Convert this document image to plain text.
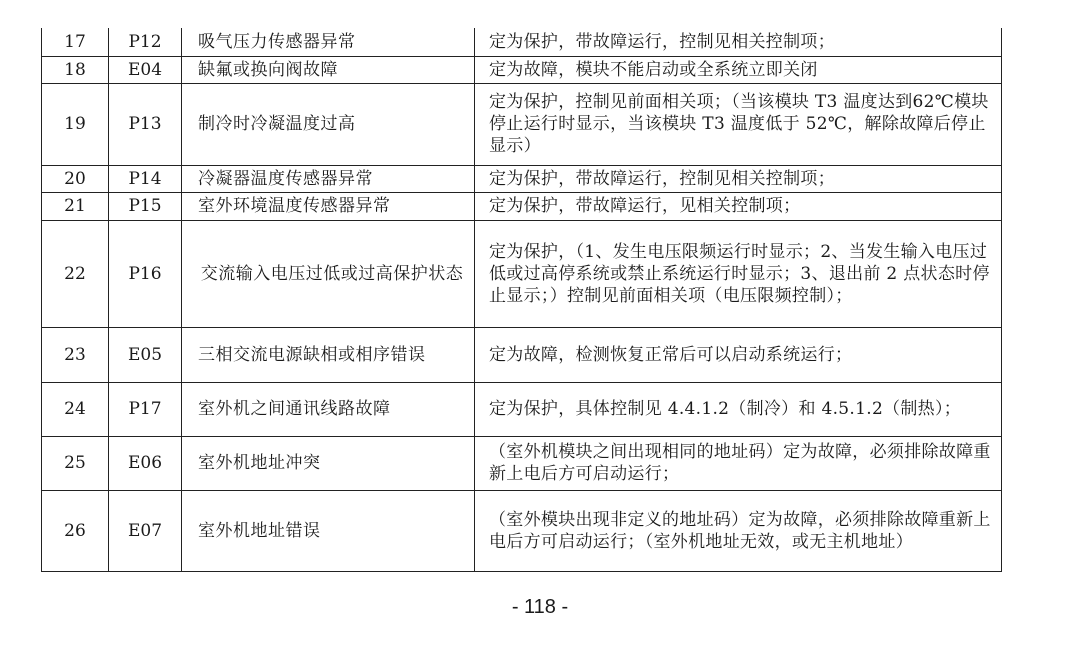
17	P12	吸气压力传感器异常	定为保护，带故障运行，控制见相关控制项；
18	E04	缺氟或换向阀故障	定为故障，模块不能启动或全系统立即关闭
19	P13	制冷时冷凝温度过高	定为保护，控制见前面相关项；（当该模块 T3 温度达到62℃模块停止运行时显示，当该模块 T3 温度低于 52℃，解除故障后停止显示）
20	P14	冷凝器温度传感器异常	定为保护，带故障运行，控制见相关控制项；
21	P15	室外环境温度传感器异常	定为保护，带故障运行，见相关控制项；
22	P16	交流输入电压过低或过高保护状态	定为保护，（1、发生电压限频运行时显示；2、当发生输入电压过低或过高停系统或禁止系统运行时显示；3、退出前 2 点状态时停止显示；）控制见前面相关项（电压限频控制）；
23	E05	三相交流电源缺相或相序错误	定为故障，检测恢复正常后可以启动系统运行；
24	P17	室外机之间通讯线路故障	定为保护，具体控制见 4.4.1.2（制冷）和 4.5.1.2（制热）；
25	E06	室外机地址冲突	（室外机模块之间出现相同的地址码）定为故障，必须排除故障重新上电后方可启动运行；
26	E07	室外机地址错误	（室外模块出现非定义的地址码）定为故障，必须排除故障重新上电后方可启动运行；（室外机地址无效，或无主机地址）
- 118 -
